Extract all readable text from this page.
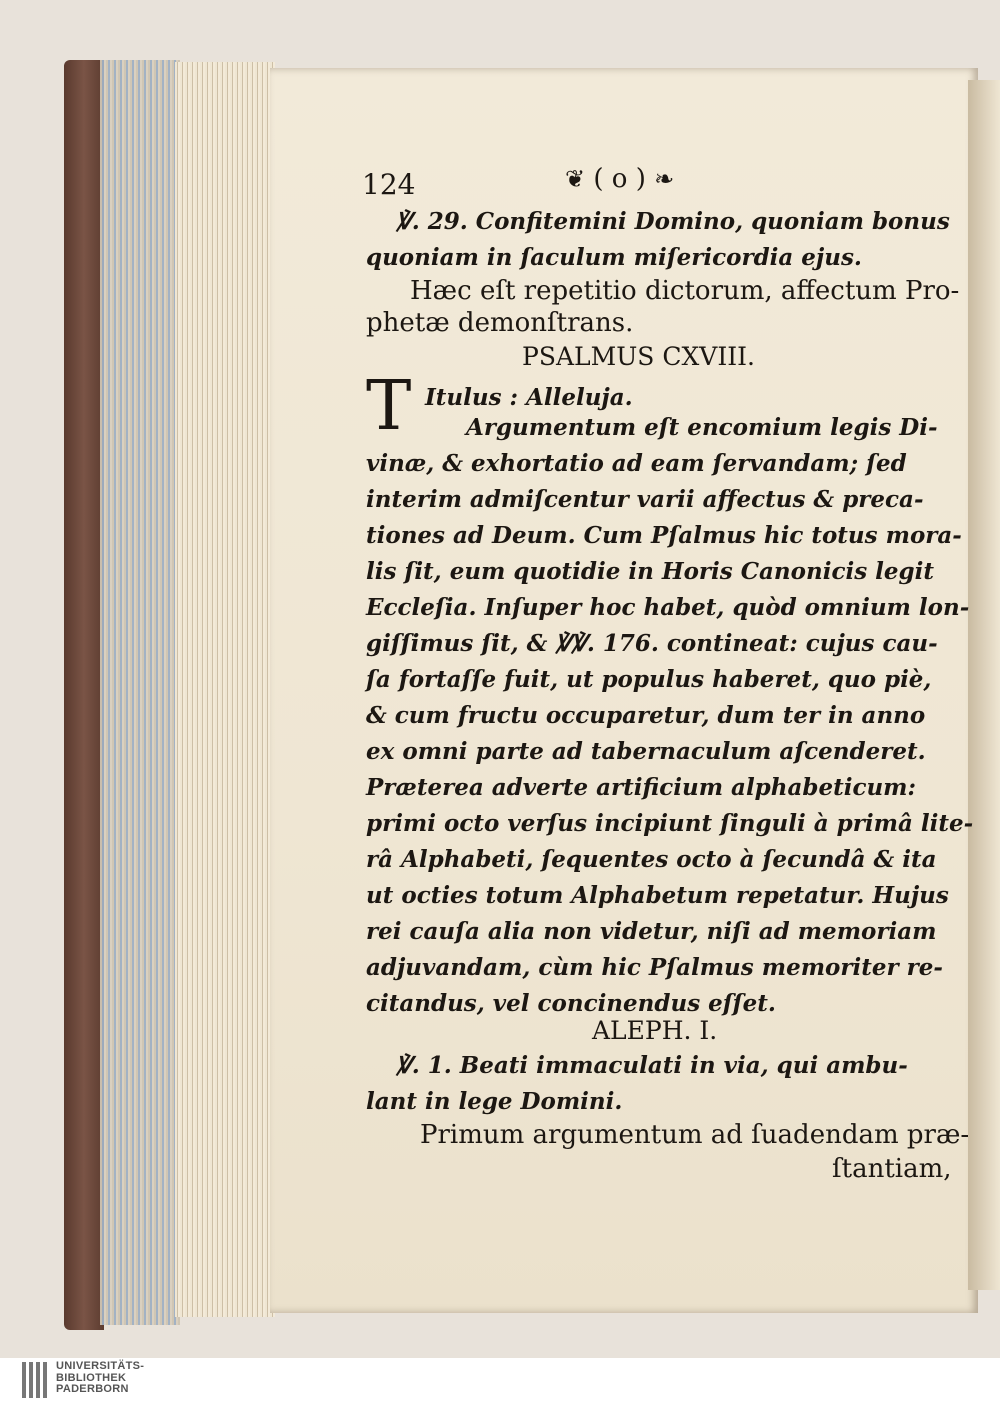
124	❦ ( o ) ❧
℣. 29. Confitemini Domino, quoniam bonus
quoniam in ſaculum miſericordia ejus.
Hæc eſt repetitio dictorum, affectum Pro-
phetæ demonſtrans.
PSALMUS CXVIII.
T Itulus : Alleluja.
Argumentum eſt encomium legis Di-
vinæ, & exhortatio ad eam ſervandam; ſed
interim admiſcentur varii affectus & preca-
tiones ad Deum. Cum Pſalmus hic totus mora-
lis ſit, eum quotidie in Horis Canonicis legit
Eccleſia. Inſuper hoc habet, quòd omnium lon-
giſſimus ſit, & ℣℣. 176. contineat: cujus cau-
ſa fortaſſe fuit, ut populus haberet, quo piè,
& cum fructu occuparetur, dum ter in anno
ex omni parte ad tabernaculum aſcenderet.
Præterea adverte artificium alphabeticum:
primi octo verſus incipiunt ſinguli à primâ lite-
râ Alphabeti, ſequentes octo à ſecundâ & ita
ut octies totum Alphabetum repetatur. Hujus
rei cauſa alia non videtur, niſi ad memoriam
adjuvandam, cùm hic Pſalmus memoriter re-
citandus, vel concinendus eſſet.
ALEPH. I.
℣. 1. Beati immaculati in via, qui ambu-
lant in lege Domini.
Primum argumentum ad ſuadendam præ-
ſtantiam,
UNIVERSITÄTS-
BIBLIOTHEK
PADERBORN
